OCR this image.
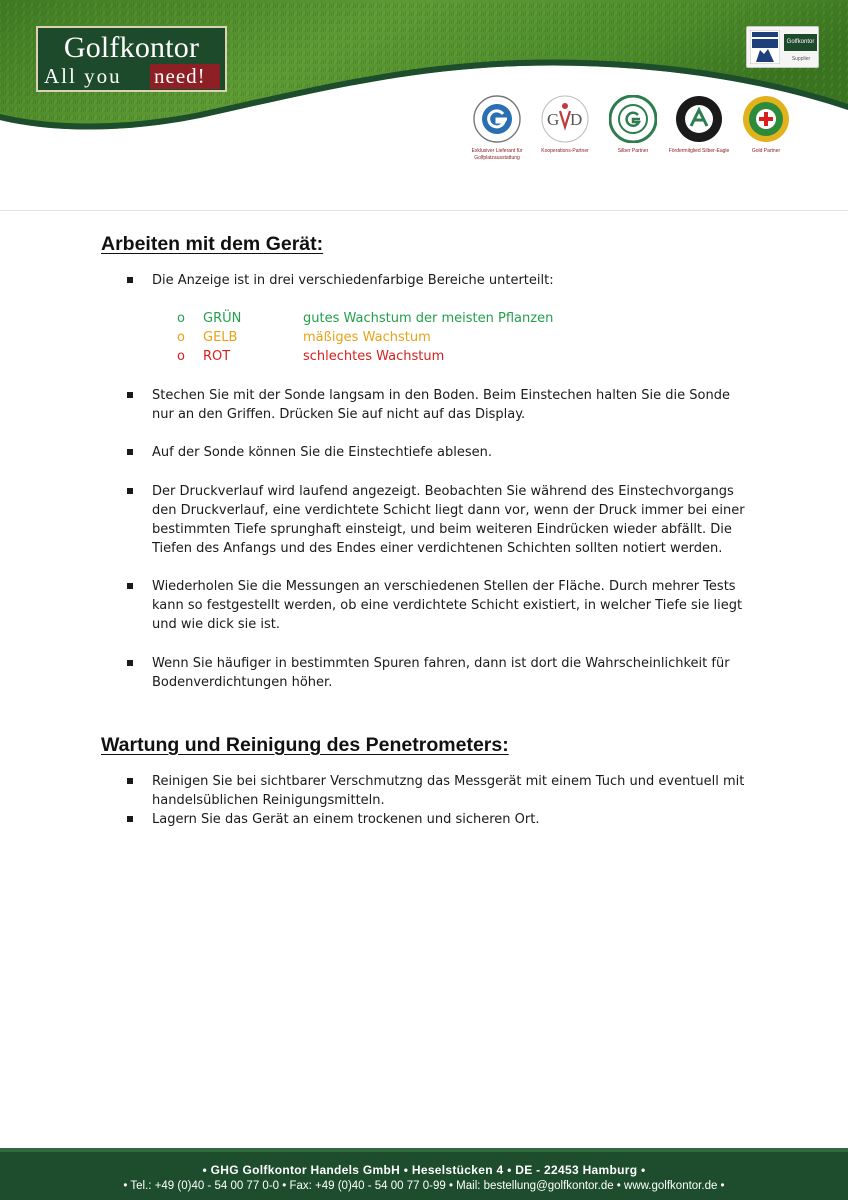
Golfkontor
All you need!
Golfkontor
Supplier
Exklusiver Lieferant für Golfplatzausstattung
G D
Kooperations-Partner	Silber Partner	Fördermitglied Silber-Eagle	Gold Partner
Arbeiten mit dem Gerät:
Die Anzeige ist in drei verschiedenfarbige Bereiche unterteilt:
o GRÜN	gutes Wachstum der meisten Pflanzen
o GELB	mäßiges Wachstum
o ROT	schlechtes Wachstum
Stechen Sie mit der Sonde langsam in den Boden. Beim Einstechen halten Sie die Sonde nur an den Griffen. Drücken Sie auf nicht auf das Display.
Auf der Sonde können Sie die Einstechtiefe ablesen.
Der Druckverlauf wird laufend angezeigt. Beobachten Sie während des Einstechvorgangs den Druckverlauf, eine verdichtete Schicht liegt dann vor, wenn der Druck immer bei einer bestimmten Tiefe sprunghaft einsteigt, und beim weiteren Eindrücken wieder abfällt. Die Tiefen des Anfangs und des Endes einer verdichtenen Schichten sollten notiert werden.
Wiederholen Sie die Messungen an verschiedenen Stellen der Fläche. Durch mehrer Tests kann so festgestellt werden, ob eine verdichtete Schicht existiert, in welcher Tiefe sie liegt und wie dick sie ist.
Wenn Sie häufiger in bestimmten Spuren fahren, dann ist dort die Wahrscheinlichkeit für Bodenverdichtungen höher.
Wartung und Reinigung des Penetrometers:
Reinigen Sie bei sichtbarer Verschmutzng das Messgerät mit einem Tuch und eventuell mit handelsüblichen Reinigungsmitteln.
Lagern Sie das Gerät an einem trockenen und sicheren Ort.
• GHG Golfkontor Handels GmbH • Heselstücken 4 • DE - 22453 Hamburg •
• Tel.: +49 (0)40 - 54 00 77 0-0 • Fax: +49 (0)40 - 54 00 77 0-99 • Mail: bestellung@golfkontor.de • www.golfkontor.de •
